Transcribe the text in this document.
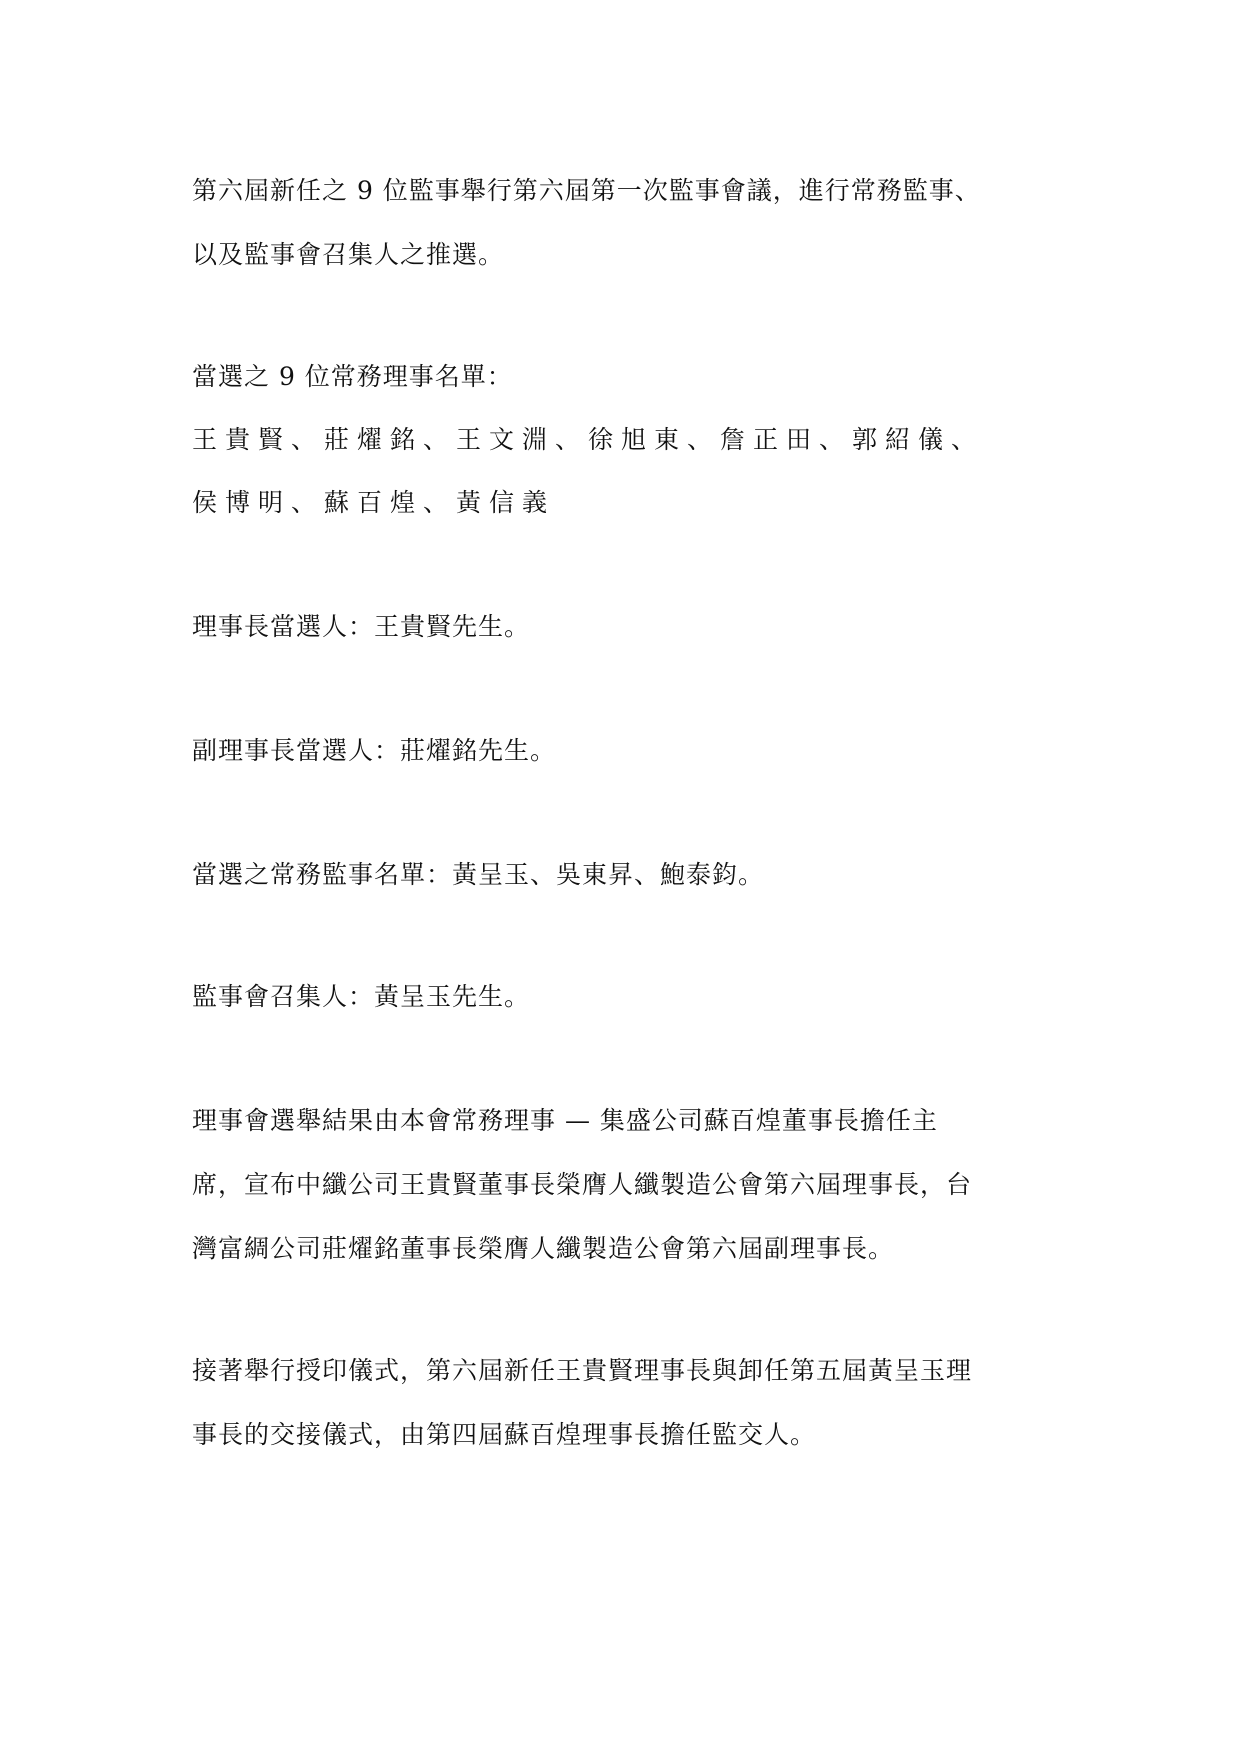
第六屆新任之 9 位監事舉行第六屆第一次監事會議，進行常務監事、
以及監事會召集人之推選。
當選之 9 位常務理事名單：
王貴賢、莊燿銘、王文淵、徐旭東、詹正田、郭紹儀、
侯博明、蘇百煌、黃信義
理事長當選人：王貴賢先生。
副理事長當選人：莊燿銘先生。
當選之常務監事名單：黃呈玉、吳東昇、鮑泰鈞。
監事會召集人：黃呈玉先生。
理事會選舉結果由本會常務理事 — 集盛公司蘇百煌董事長擔任主
席，宣布中纖公司王貴賢董事長榮膺人纖製造公會第六屆理事長，台
灣富綢公司莊燿銘董事長榮膺人纖製造公會第六屆副理事長。
接著舉行授印儀式，第六屆新任王貴賢理事長與卸任第五屆黃呈玉理
事長的交接儀式，由第四屆蘇百煌理事長擔任監交人。
